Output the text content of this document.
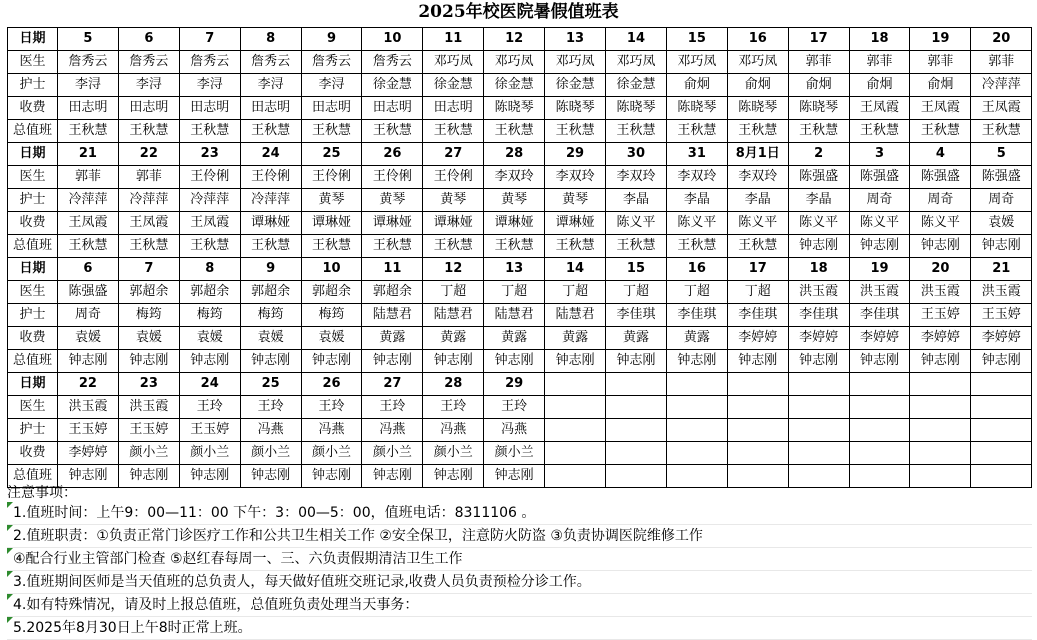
2025年校医院暑假值班表
日期	5	6	7	8	9	10	11	12	13	14	15	16	17	18	19	20
医生	詹秀云	詹秀云	詹秀云	詹秀云	詹秀云	詹秀云	邓巧凤	邓巧凤	邓巧凤	邓巧凤	邓巧凤	邓巧凤	郭菲	郭菲	郭菲	郭菲
护士	李浔	李浔	李浔	李浔	李浔	徐金慧	徐金慧	徐金慧	徐金慧	徐金慧	俞炯	俞炯	俞炯	俞炯	俞炯	冷萍萍
收费	田志明	田志明	田志明	田志明	田志明	田志明	田志明	陈晓琴	陈晓琴	陈晓琴	陈晓琴	陈晓琴	陈晓琴	王凤霞	王凤霞	王凤霞
总值班	王秋慧	王秋慧	王秋慧	王秋慧	王秋慧	王秋慧	王秋慧	王秋慧	王秋慧	王秋慧	王秋慧	王秋慧	王秋慧	王秋慧	王秋慧	王秋慧
日期	21	22	23	24	25	26	27	28	29	30	31	8月1日	2	3	4	5
医生	郭菲	郭菲	王伶俐	王伶俐	王伶俐	王伶俐	王伶俐	李双玲	李双玲	李双玲	李双玲	李双玲	陈强盛	陈强盛	陈强盛	陈强盛
护士	冷萍萍	冷萍萍	冷萍萍	冷萍萍	黄琴	黄琴	黄琴	黄琴	黄琴	李晶	李晶	李晶	李晶	周奇	周奇	周奇
收费	王凤霞	王凤霞	王凤霞	谭琳娅	谭琳娅	谭琳娅	谭琳娅	谭琳娅	谭琳娅	陈义平	陈义平	陈义平	陈义平	陈义平	陈义平	袁媛
总值班	王秋慧	王秋慧	王秋慧	王秋慧	王秋慧	王秋慧	王秋慧	王秋慧	王秋慧	王秋慧	王秋慧	王秋慧	钟志刚	钟志刚	钟志刚	钟志刚
日期	6	7	8	9	10	11	12	13	14	15	16	17	18	19	20	21
医生	陈强盛	郭超余	郭超余	郭超余	郭超余	郭超余	丁超	丁超	丁超	丁超	丁超	丁超	洪玉霞	洪玉霞	洪玉霞	洪玉霞
护士	周奇	梅筠	梅筠	梅筠	梅筠	陆慧君	陆慧君	陆慧君	陆慧君	李佳琪	李佳琪	李佳琪	李佳琪	李佳琪	王玉婷	王玉婷
收费	袁媛	袁媛	袁媛	袁媛	袁媛	黄露	黄露	黄露	黄露	黄露	黄露	李婷婷	李婷婷	李婷婷	李婷婷	李婷婷
总值班	钟志刚	钟志刚	钟志刚	钟志刚	钟志刚	钟志刚	钟志刚	钟志刚	钟志刚	钟志刚	钟志刚	钟志刚	钟志刚	钟志刚	钟志刚	钟志刚
日期	22	23	24	25	26	27	28	29								
医生	洪玉霞	洪玉霞	王玲	王玲	王玲	王玲	王玲	王玲								
护士	王玉婷	王玉婷	王玉婷	冯燕	冯燕	冯燕	冯燕	冯燕								
收费	李婷婷	颜小兰	颜小兰	颜小兰	颜小兰	颜小兰	颜小兰	颜小兰								
总值班	钟志刚	钟志刚	钟志刚	钟志刚	钟志刚	钟志刚	钟志刚	钟志刚								
注意事项：
1.值班时间：上午9：00—11：00 下午：3：00—5：00，值班电话：8311106 。
2.值班职责：①负责正常门诊医疗工作和公共卫生相关工作 ②安全保卫，注意防火防盗 ③负责协调医院维修工作
④配合行业主管部门检查 ⑤赵红春每周一、三、六负责假期清洁卫生工作
3.值班期间医师是当天值班的总负责人，每天做好值班交班记录,收费人员负责预检分诊工作。
4.如有特殊情况，请及时上报总值班，总值班负责处理当天事务：
5.2025年8月30日上午8时正常上班。
